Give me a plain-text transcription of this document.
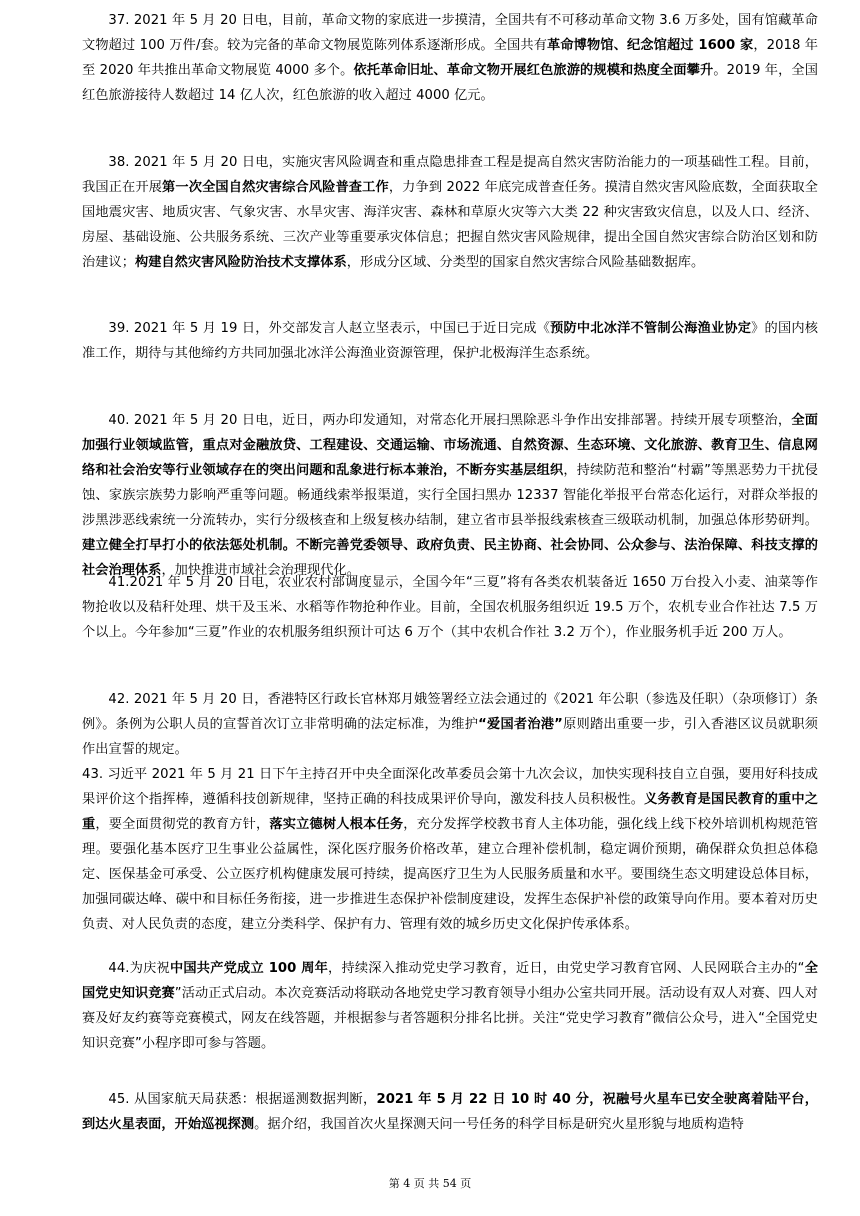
37. 2021 年 5 月 20 日电，目前，革命文物的家底进一步摸清，全国共有不可移动革命文物 3.6 万多处，国有馆藏革命文物超过 100 万件/套。较为完备的革命文物展览陈列体系逐渐形成。全国共有革命博物馆、纪念馆超过 1600 家，2018 年至 2020 年共推出革命文物展览 4000 多个。依托革命旧址、革命文物开展红色旅游的规模和热度全面攀升。2019 年，全国红色旅游接待人数超过 14 亿人次，红色旅游的收入超过 4000 亿元。
38. 2021 年 5 月 20 日电，实施灾害风险调查和重点隐患排查工程是提高自然灾害防治能力的一项基础性工程。目前，我国正在开展第一次全国自然灾害综合风险普查工作，力争到 2022 年底完成普查任务。摸清自然灾害风险底数，全面获取全国地震灾害、地质灾害、气象灾害、水旱灾害、海洋灾害、森林和草原火灾等六大类 22 种灾害致灾信息，以及人口、经济、房屋、基础设施、公共服务系统、三次产业等重要承灾体信息；把握自然灾害风险规律，提出全国自然灾害综合防治区划和防治建议；构建自然灾害风险防治技术支撑体系，形成分区域、分类型的国家自然灾害综合风险基础数据库。
39. 2021 年 5 月 19 日，外交部发言人赵立坚表示，中国已于近日完成《预防中北冰洋不管制公海渔业协定》的国内核准工作，期待与其他缔约方共同加强北冰洋公海渔业资源管理，保护北极海洋生态系统。
40. 2021 年 5 月 20 日电，近日，两办印发通知，对常态化开展扫黑除恶斗争作出安排部署。持续开展专项整治，全面加强行业领域监管，重点对金融放贷、工程建设、交通运输、市场流通、自然资源、生态环境、文化旅游、教育卫生、信息网络和社会治安等行业领域存在的突出问题和乱象进行标本兼治，不断夯实基层组织，持续防范和整治“村霸”等黑恶势力干扰侵蚀、家族宗族势力影响严重等问题。畅通线索举报渠道，实行全国扫黑办 12337 智能化举报平台常态化运行，对群众举报的涉黑涉恶线索统一分流转办，实行分级核查和上级复核办结制，建立省市县举报线索核查三级联动机制，加强总体形势研判。建立健全打早打小的依法惩处机制。不断完善党委领导、政府负责、民主协商、社会协同、公众参与、法治保障、科技支撑的社会治理体系，加快推进市域社会治理现代化。
41.2021 年 5 月 20 日电，农业农村部调度显示，全国今年“三夏”将有各类农机装备近 1650 万台投入小麦、油菜等作物抢收以及秸秆处理、烘干及玉米、水稻等作物抢种作业。目前，全国农机服务组织近 19.5 万个，农机专业合作社达 7.5 万个以上。今年参加“三夏”作业的农机服务组织预计可达 6 万个（其中农机合作社 3.2 万个），作业服务机手近 200 万人。
42. 2021 年 5 月 20 日，香港特区行政长官林郑月娥签署经立法会通过的《2021 年公职（参选及任职）（杂项修订）条例》。条例为公职人员的宣誓首次订立非常明确的法定标准，为维护“爱国者治港”原则踏出重要一步，引入香港区议员就职须作出宣誓的规定。
43. 习近平 2021 年 5 月 21 日下午主持召开中央全面深化改革委员会第十九次会议，加快实现科技自立自强，要用好科技成果评价这个指挥棒，遵循科技创新规律，坚持正确的科技成果评价导向，激发科技人员积极性。义务教育是国民教育的重中之重，要全面贯彻党的教育方针，落实立德树人根本任务，充分发挥学校教书育人主体功能，强化线上线下校外培训机构规范管理。要强化基本医疗卫生事业公益属性，深化医疗服务价格改革，建立合理补偿机制，稳定调价预期，确保群众负担总体稳定、医保基金可承受、公立医疗机构健康发展可持续，提高医疗卫生为人民服务质量和水平。要围绕生态文明建设总体目标，加强同碳达峰、碳中和目标任务衔接，进一步推进生态保护补偿制度建设，发挥生态保护补偿的政策导向作用。要本着对历史负责、对人民负责的态度，建立分类科学、保护有力、管理有效的城乡历史文化保护传承体系。
44.为庆祝中国共产党成立 100 周年，持续深入推动党史学习教育，近日，由党史学习教育官网、人民网联合主办的“全国党史知识竞赛”活动正式启动。本次竞赛活动将联动各地党史学习教育领导小组办公室共同开展。活动设有双人对赛、四人对赛及好友约赛等竞赛模式，网友在线答题，并根据参与者答题积分排名比拼。关注“党史学习教育”微信公众号，进入“全国党史知识竞赛”小程序即可参与答题。
45. 从国家航天局获悉：根据遥测数据判断，2021 年 5 月 22 日 10 时 40 分，祝融号火星车已安全驶离着陆平台，到达火星表面，开始巡视探测。据介绍，我国首次火星探测天问一号任务的科学目标是研究火星形貌与地质构造特
第 4 页 共 54 页
